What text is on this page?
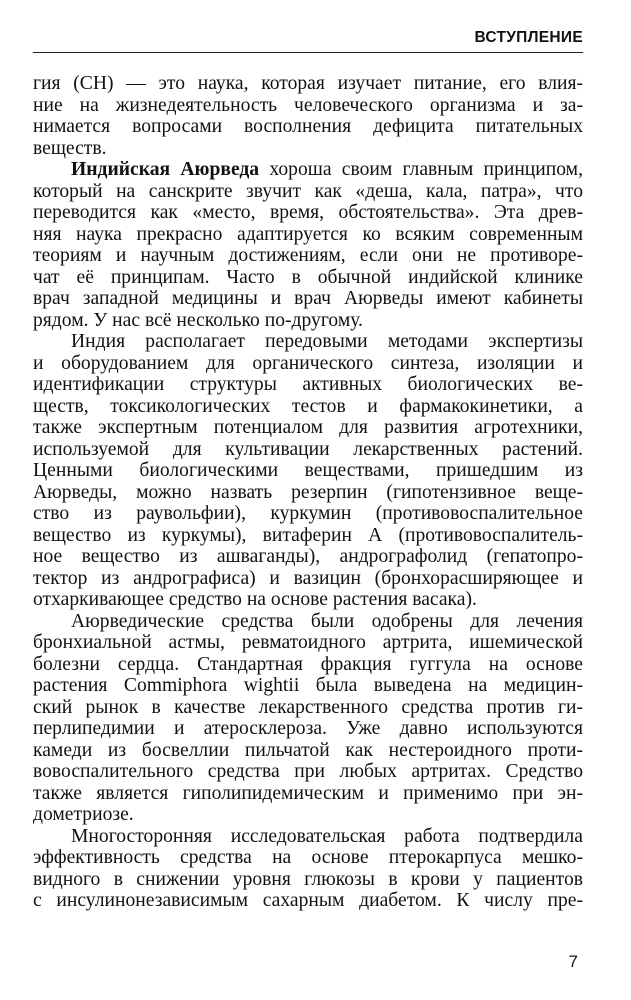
ВСТУПЛЕНИЕ

гия (СН) — это наука, которая изучает питание, его влия-
ние на жизнедеятельность человеческого организма и за-
нимается вопросами восполнения дефицита питательных
веществ.

Индийская Аюрведа хороша своим главным принципом,
который на санскрите звучит как «деша, кала, патра», что
переводится как «место, время, обстоятельства». Эта древ-
няя наука прекрасно адаптируется ко всяким современным
теориям и научным достижениям, если они не противоре-
чат её принципам. Часто в обычной индийской клинике
врач западной медицины и врач Аюрведы имеют кабинеты
рядом. У нас всё несколько по-другому.

Индия располагает передовыми методами экспертизы
и оборудованием для органического синтеза, изоляции и
идентификации структуры активных биологических ве-
ществ, токсикологических тестов и фармакокинетики, а
также экспертным потенциалом для развития агротехники,
используемой для культивации лекарственных растений.
Ценными биологическими веществами, пришедшим из
Аюрведы, можно назвать резерпин (гипотензивное веще-
ство из раувольфии), куркумин (противовоспалительное
вещество из куркумы), витаферин А (противовоспалитель-
ное вещество из ашваганды), андрографолид (гепатопро-
тектор из андрографиса) и вазицин (бронхорасширяющее и
отхаркивающее средство на основе растения васака).

Аюрведические средства были одобрены для лечения
бронхиальной астмы, ревматоидного артрита, ишемической
болезни сердца. Стандартная фракция гуггула на основе
растения Commiphora wightii была выведена на медицин-
ский рынок в качестве лекарственного средства против ги-
перлипедимии и атеросклероза. Уже давно используются
камеди из босвеллии пильчатой как нестероидного проти-
вовоспалительного средства при любых артритах. Средство
также является гиполипидемическим и применимо при эн-
дометриозе.

Многосторонняя исследовательская работа подтвердила
эффективность средства на основе птерокарпуса мешко-
видного в снижении уровня глюкозы в крови у пациентов
с инсулинонезависимым сахарным диабетом. К числу пре-

7
